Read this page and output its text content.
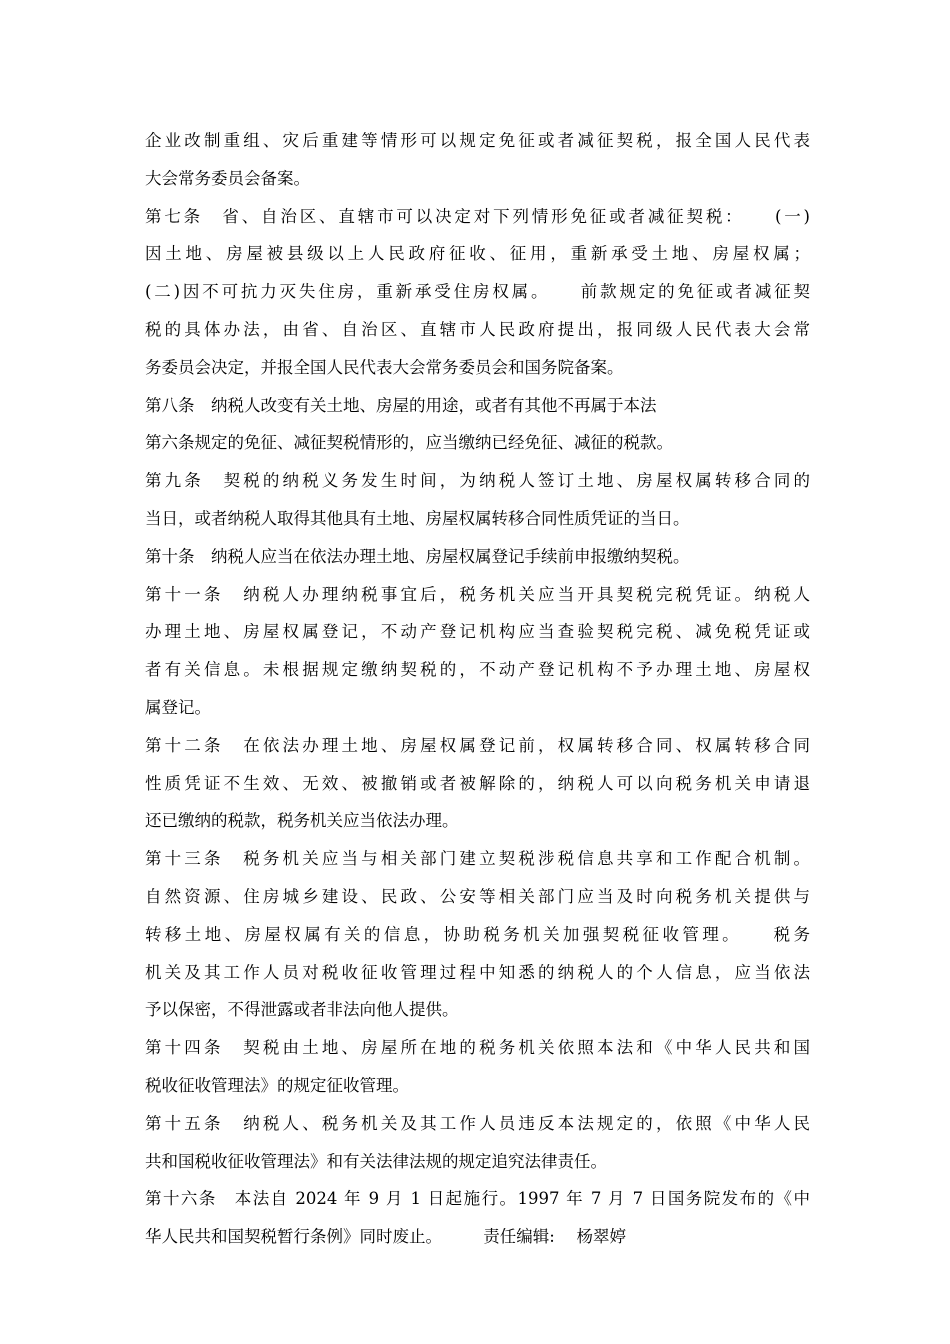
企业改制重组、灾后重建等情形可以规定免征或者减征契税，报全国人民代表
大会常务委员会备案。
第七条　省、自治区、直辖市可以决定对下列情形免征或者减征契税：　　(一)
因土地、房屋被县级以上人民政府征收、征用，重新承受土地、房屋权属；
(二)因不可抗力灭失住房，重新承受住房权属。　　前款规定的免征或者减征契
税的具体办法，由省、自治区、直辖市人民政府提出，报同级人民代表大会常
务委员会决定，并报全国人民代表大会常务委员会和国务院备案。
第八条　纳税人改变有关土地、房屋的用途，或者有其他不再属于本法
第六条规定的免征、减征契税情形的，应当缴纳已经免征、减征的税款。
第九条　契税的纳税义务发生时间，为纳税人签订土地、房屋权属转移合同的
当日，或者纳税人取得其他具有土地、房屋权属转移合同性质凭证的当日。
第十条　纳税人应当在依法办理土地、房屋权属登记手续前申报缴纳契税。
第十一条　纳税人办理纳税事宜后，税务机关应当开具契税完税凭证。纳税人
办理土地、房屋权属登记，不动产登记机构应当查验契税完税、减免税凭证或
者有关信息。未根据规定缴纳契税的，不动产登记机构不予办理土地、房屋权
属登记。
第十二条　在依法办理土地、房屋权属登记前，权属转移合同、权属转移合同
性质凭证不生效、无效、被撤销或者被解除的，纳税人可以向税务机关申请退
还已缴纳的税款，税务机关应当依法办理。
第十三条　税务机关应当与相关部门建立契税涉税信息共享和工作配合机制。
自然资源、住房城乡建设、民政、公安等相关部门应当及时向税务机关提供与
转移土地、房屋权属有关的信息，协助税务机关加强契税征收管理。　　税务
机关及其工作人员对税收征收管理过程中知悉的纳税人的个人信息，应当依法
予以保密，不得泄露或者非法向他人提供。
第十四条　契税由土地、房屋所在地的税务机关依照本法和《中华人民共和国
税收征收管理法》的规定征收管理。
第十五条　纳税人、税务机关及其工作人员违反本法规定的，依照《中华人民
共和国税收征收管理法》和有关法律法规的规定追究法律责任。
第十六条　本法自 2024 年 9 月 1 日起施行。1997 年 7 月 7 日国务院发布的《中
华人民共和国契税暂行条例》同时废止。　　　责任编辑:　 杨翠婷
